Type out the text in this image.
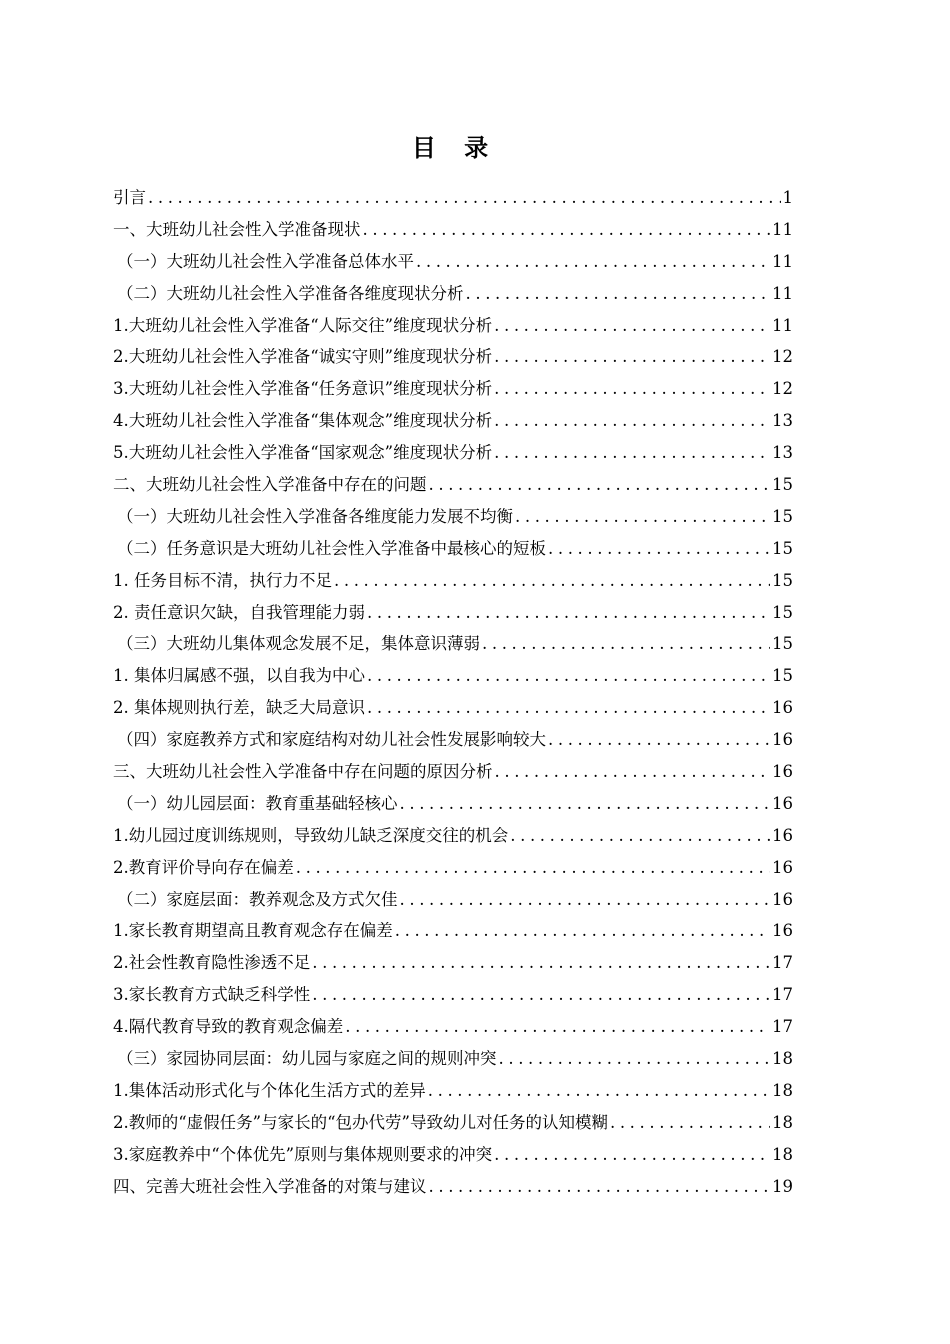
目 录
引言 .....	1
一、大班幼儿社会性入学准备现状 .....	11
（一）大班幼儿社会性入学准备总体水平 .....	11
（二）大班幼儿社会性入学准备各维度现状分析 .....	11
1.大班幼儿社会性入学准备“人际交往”维度现状分析 .....	11
2.大班幼儿社会性入学准备“诚实守则”维度现状分析 .....	12
3.大班幼儿社会性入学准备“任务意识”维度现状分析 .....	12
4.大班幼儿社会性入学准备“集体观念”维度现状分析 .....	13
5.大班幼儿社会性入学准备“国家观念”维度现状分析 .....	13
二、大班幼儿社会性入学准备中存在的问题 .....	15
（一）大班幼儿社会性入学准备各维度能力发展不均衡 .....	15
（二）任务意识是大班幼儿社会性入学准备中最核心的短板 .....	15
1. 任务目标不清，执行力不足 .....	15
2. 责任意识欠缺，自我管理能力弱 .....	15
（三）大班幼儿集体观念发展不足，集体意识薄弱 .....	15
1. 集体归属感不强，以自我为中心 .....	15
2. 集体规则执行差，缺乏大局意识 .....	16
（四）家庭教养方式和家庭结构对幼儿社会性发展影响较大 .....	16
三、大班幼儿社会性入学准备中存在问题的原因分析 .....	16
（一）幼儿园层面：教育重基础轻核心 .....	16
1.幼儿园过度训练规则，导致幼儿缺乏深度交往的机会 .....	16
2.教育评价导向存在偏差 .....	16
（二）家庭层面：教养观念及方式欠佳 .....	16
1.家长教育期望高且教育观念存在偏差 .....	16
2.社会性教育隐性渗透不足 .....	17
3.家长教育方式缺乏科学性 .....	17
4.隔代教育导致的教育观念偏差 .....	17
（三）家园协同层面：幼儿园与家庭之间的规则冲突 .....	18
1.集体活动形式化与个体化生活方式的差异 .....	18
2.教师的“虚假任务”与家长的“包办代劳”导致幼儿对任务的认知模糊 .....	18
3.家庭教养中“个体优先”原则与集体规则要求的冲突 .....	18
四、完善大班社会性入学准备的对策与建议 .....	19
